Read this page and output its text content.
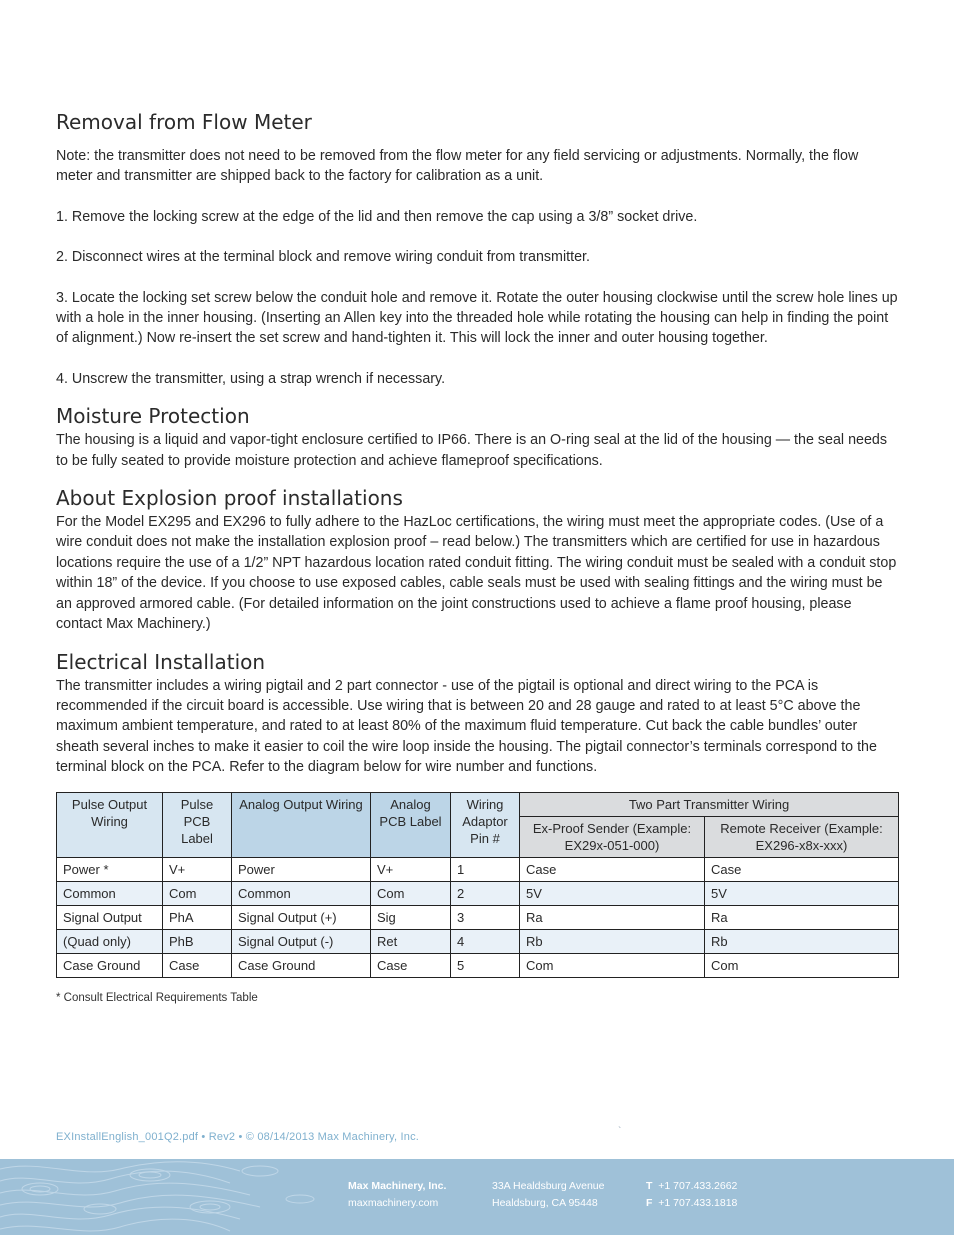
Removal from Flow Meter

Note: the transmitter does not need to be removed from the flow meter for any field servicing or adjustments. Normally, the flow meter and transmitter are shipped back to the factory for calibration as a unit.

1. Remove the locking screw at the edge of the lid and then remove the cap using a 3/8” socket drive.

2. Disconnect wires at the terminal block and remove wiring conduit from transmitter.

3. Locate the locking set screw below the conduit hole and remove it. Rotate the outer housing clockwise until the screw hole lines up with a hole in the inner housing. (Inserting an Allen key into the threaded hole while rotating the housing can help in finding the point of alignment.) Now re-insert the set screw and hand-tighten it. This will lock the inner and outer housing together.

4. Unscrew the transmitter, using a strap wrench if necessary.

Moisture Protection

The housing is a liquid and vapor-tight enclosure certified to IP66. There is an O-ring seal at the lid of the housing — the seal needs to be fully seated to provide moisture protection and achieve flameproof specifications.

About Explosion proof installations

For the Model EX295 and EX296 to fully adhere to the HazLoc certifications, the wiring must meet the appropriate codes. (Use of a wire conduit does not make the installation explosion proof – read below.) The transmitters which are certified for use in hazardous locations require the use of a 1/2” NPT hazardous location rated conduit fitting. The wiring conduit must be sealed with a conduit stop within 18” of the device. If you choose to use exposed cables, cable seals must be used with sealing fittings and the wiring must be an approved armored cable. (For detailed information on the joint constructions used to achieve a flame proof housing, please contact Max Machinery.)

Electrical Installation

The transmitter includes a wiring pigtail and 2 part connector - use of the pigtail is optional and direct wiring to the PCA is recommended if the circuit board is accessible. Use wiring that is between 20 and 28 gauge and rated to at least 5°C above the maximum ambient temperature, and rated to at least 80% of the maximum fluid temperature. Cut back the cable bundles’ outer sheath several inches to make it easier to coil the wire loop inside the housing. The pigtail connector’s terminals correspond to the terminal block on the PCA. Refer to the diagram below for wire number and functions.

Pulse Output Wiring	Pulse PCB Label	Analog Output Wiring	Analog PCB Label	Wiring Adaptor Pin #	Two Part Transmitter Wiring	
					Ex-Proof Sender (Example: EX29x-051-000)	Remote Receiver (Example: EX296-x8x-xxx)
Power *	V+	Power	V+	1	Case	Case
Common	Com	Common	Com	2	5V	5V
Signal Output	PhA	Signal Output (+)	Sig	3	Ra	Ra
(Quad only)	PhB	Signal Output (-)	Ret	4	Rb	Rb
Case Ground	Case	Case Ground	Case	5	Com	Com
* Consult Electrical Requirements Table
EXInstallEnglish_001Q2.pdf • Rev2 • © 08/14/2013 Max Machinery, Inc.	`
Max Machinery, Inc.
maxmachinery.com
33A Healdsburg Avenue
Healdsburg, CA 95448
T +1 707.433.2662
F +1 707.433.1818
